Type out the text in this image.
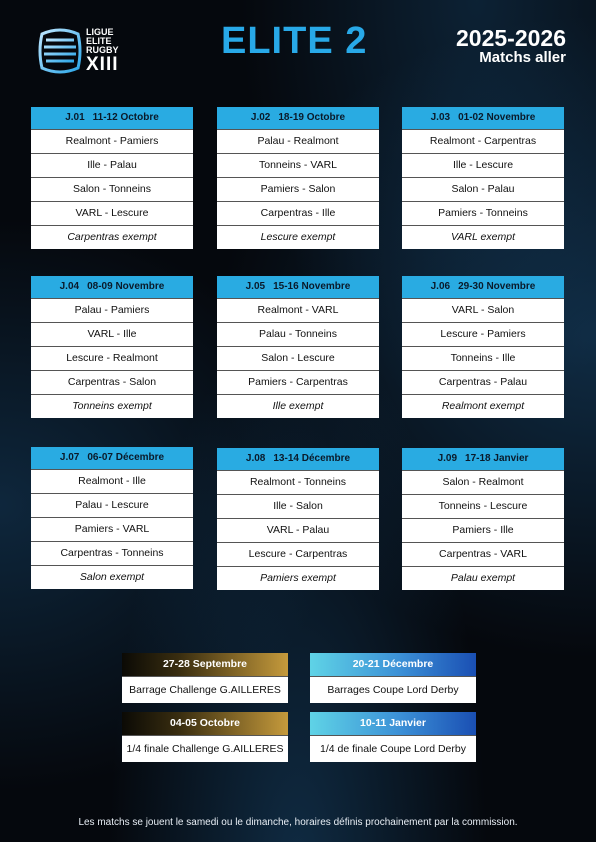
LIGUE
ELITE
RUGBY
XIII
ELITE 2	2025-2026
Matchs aller
J.01 11-12 Octobre
Realmont - Pamiers
Ille - Palau
Salon - Tonneins
VARL - Lescure
Carpentras exempt
J.02 18-19 Octobre
Palau - Realmont
Tonneins - VARL
Pamiers - Salon
Carpentras - Ille
Lescure exempt
J.03 01-02 Novembre
Realmont - Carpentras
Ille - Lescure
Salon - Palau
Pamiers - Tonneins
VARL exempt
J.04 08-09 Novembre
Palau - Pamiers
VARL - Ille
Lescure - Realmont
Carpentras - Salon
Tonneins exempt
J.05 15-16 Novembre
Realmont - VARL
Palau - Tonneins
Salon - Lescure
Pamiers - Carpentras
Ille exempt
J.06 29-30 Novembre
VARL - Salon
Lescure - Pamiers
Tonneins - Ille
Carpentras - Palau
Realmont exempt
J.07 06-07 Décembre
Realmont - Ille
Palau - Lescure
Pamiers - VARL
Carpentras - Tonneins
Salon exempt
J.08 13-14 Décembre
Realmont - Tonneins
Ille - Salon
VARL - Palau
Lescure - Carpentras
Pamiers exempt
J.09 17-18 Janvier
Salon - Realmont
Tonneins - Lescure
Pamiers - Ille
Carpentras - VARL
Palau exempt
27-28 Septembre
Barrage Challenge G.AILLERES
20-21 Décembre
Barrages Coupe Lord Derby
04-05 Octobre
1/4 finale Challenge G.AILLERES
10-11 Janvier
1/4 de finale Coupe Lord Derby
Les matchs se jouent le samedi ou le dimanche, horaires définis prochainement par la commission.
